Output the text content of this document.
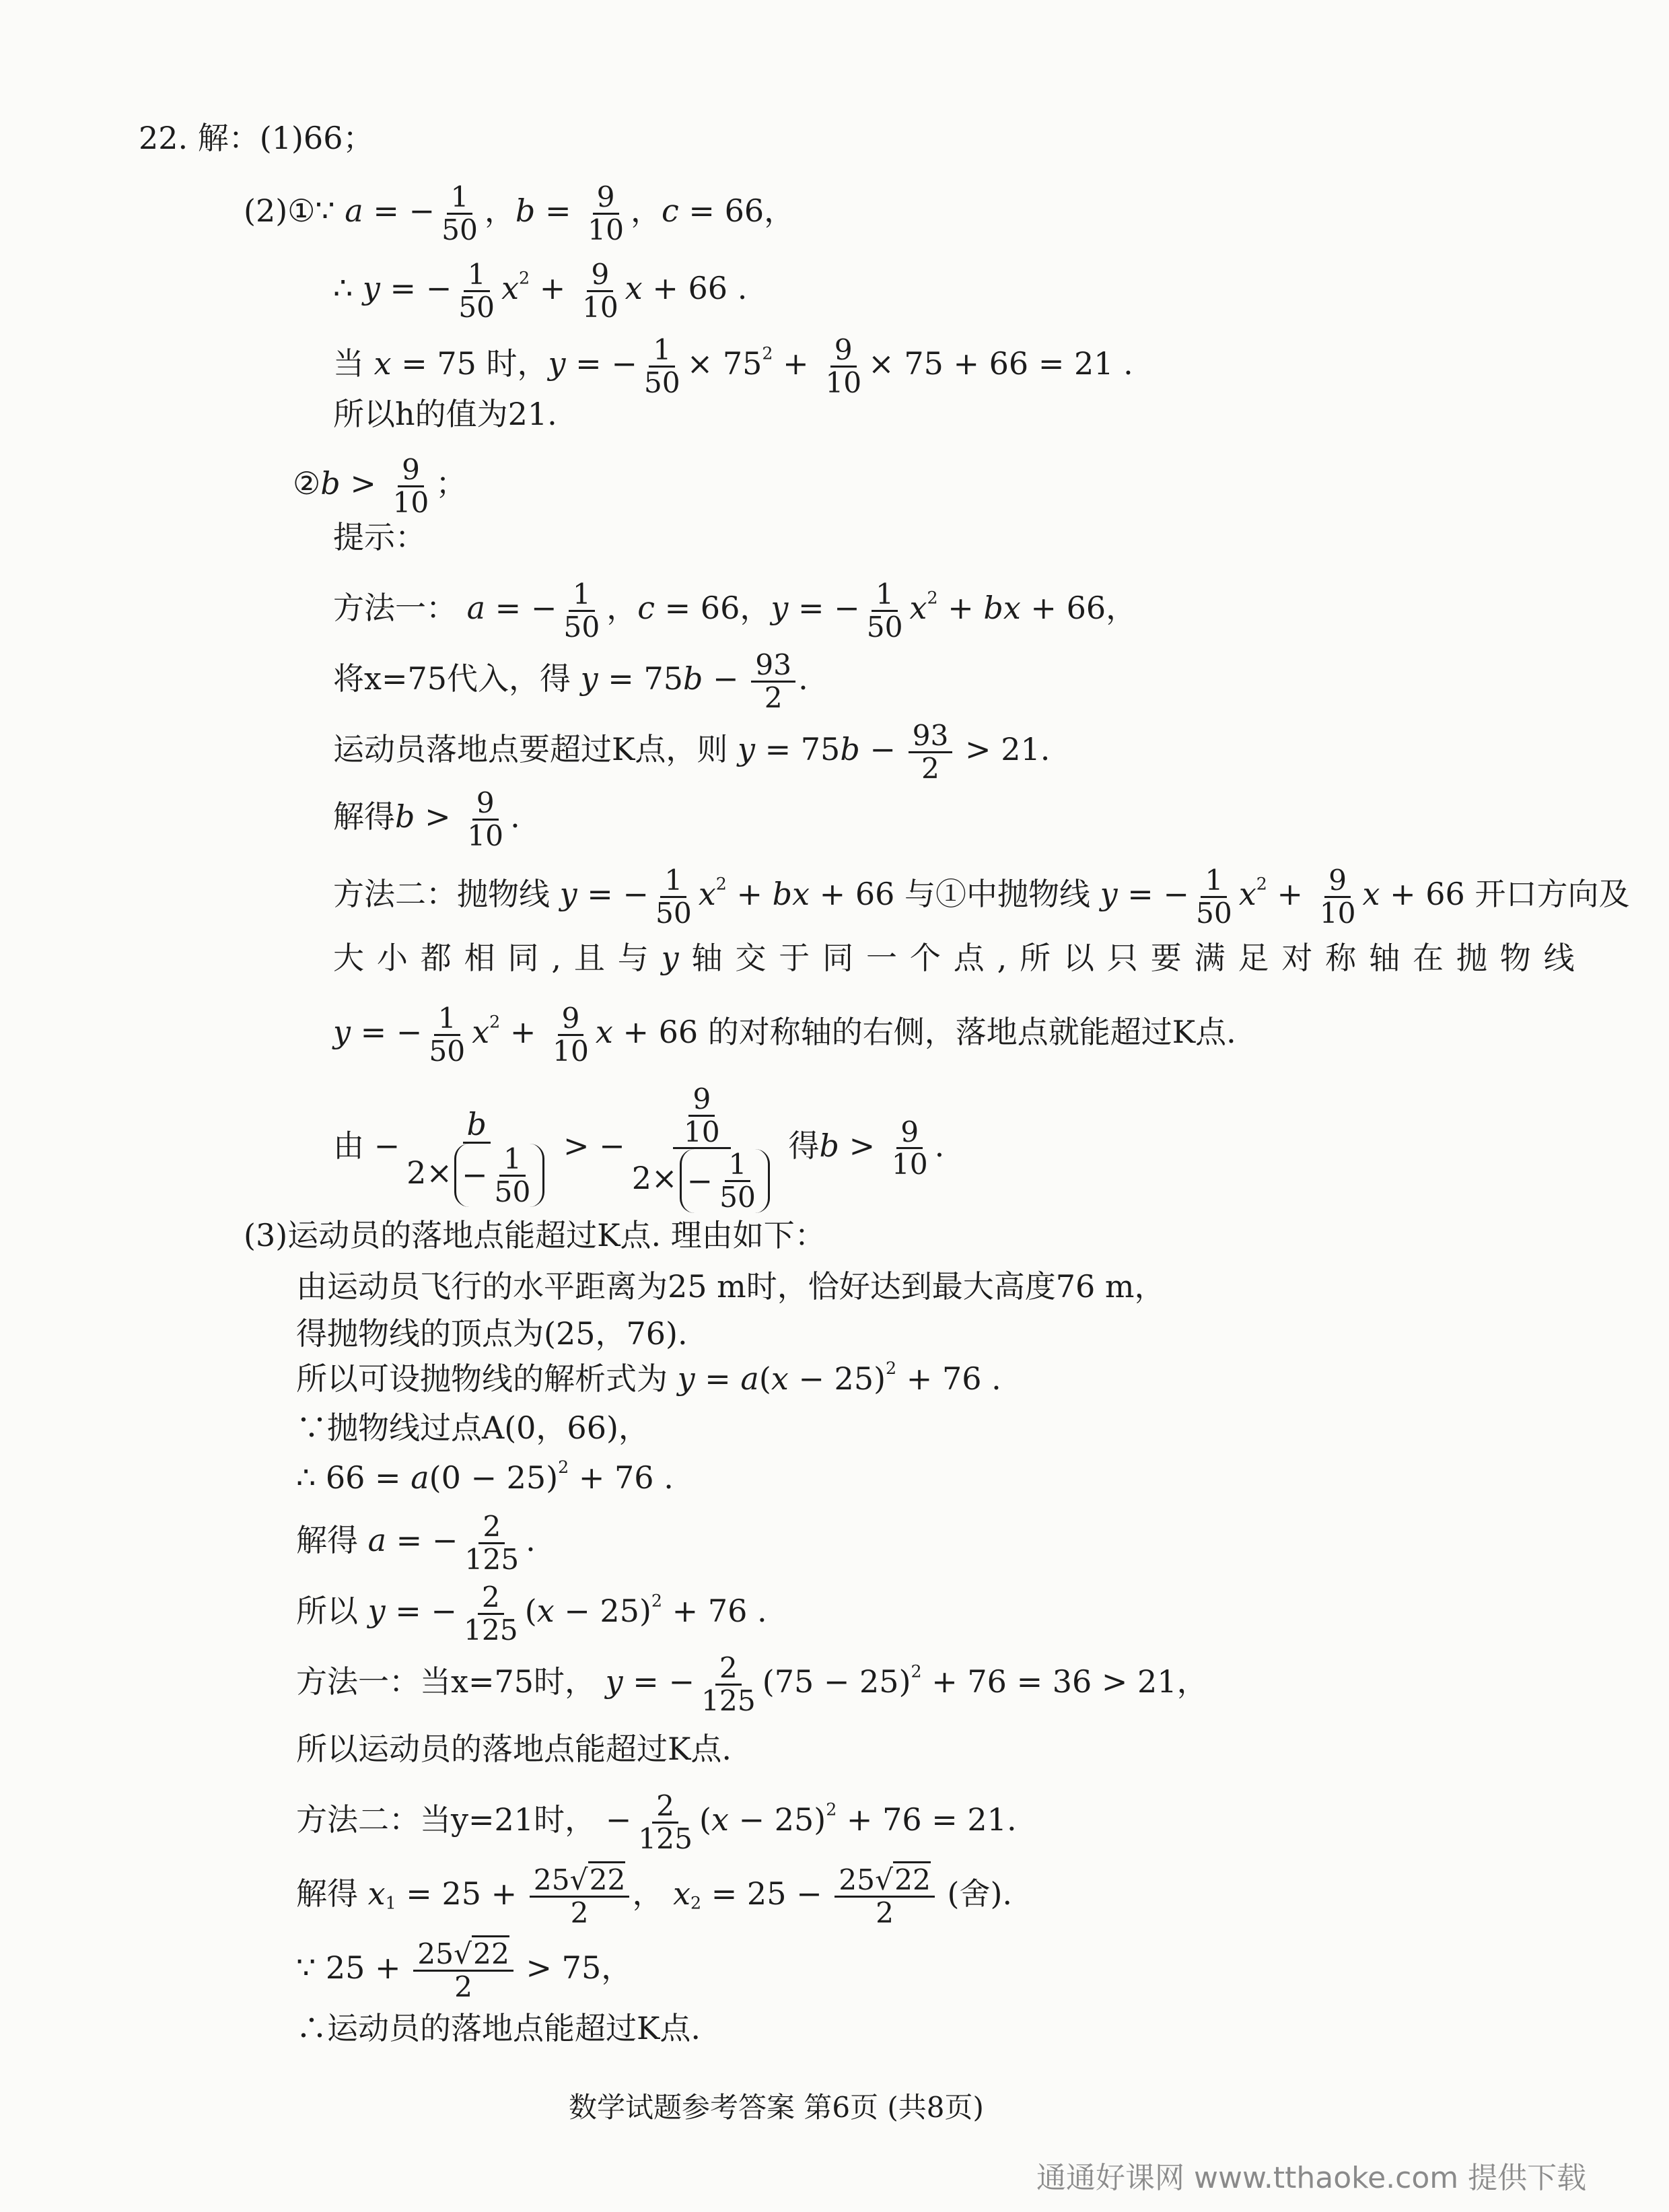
22. 解：(1)66；
(2)①∵ a = − $\frac{1}{50}$ ，$b = \frac{9}{10}$ ，c = 66，
∴ y = − $\frac{1}{50} x^2 + \frac{9}{10}$ x + 66 .
当 x = 75 时，y = − $\frac{1}{50} \times 75^2 + \frac{9}{10} \times 75 + 66 = 21$ .
所以h的值为21.
②b > $\frac{9}{10}$ ；
提示：
方法一： a = − $\frac{1}{50}$ ，c = 66，y = − $\frac{1}{50} x^2$ + bx + 66，
将x=75代入，得 $y = 75b - \frac{93}{2}$ .
运动员落地点要超过K点，则 $y = 75b - \frac{93}{2} > 21$.
解得$b > \frac{9}{10}$ .
方法二：抛物线 y = − $\frac{1}{50} x^2$ + bx + 66 与①中抛物线 y = − $\frac{1}{50} x^2 + \frac{9}{10}$ x + 66 开口方向及
大 小 都 相 同 , 且 与 y 轴 交 于 同 一 个 点 , 所 以 只 要 满 足 对 称 轴 在 抛 物 线
y = − $\frac{1}{50} x^2 + \frac{9}{10}$ x + 66 的对称轴的右侧，落地点就能超过K点.
由 − $\frac{b}{2\times - \frac{1}{50}}$ > − $\frac{\frac{9}{10}}{2\times - \frac{1}{50}}$ 得$b > \frac{9}{10}$ .
(3)运动员的落地点能超过K点. 理由如下：
由运动员飞行的水平距离为25 m时，恰好达到最大高度76 m，
得抛物线的顶点为(25，76).
所以可设抛物线的解析式为 $y = a(x - 25)^2 + 76$ .
∵抛物线过点A(0，66)，
∴ $66 = a(0 - 25)^2 + 76$ .
解得 a = − $\frac{2}{125}$ .
所以 y = − $\frac{2}{125} (x - 25)^2 + 76$ .
方法一：当x=75时， y = − $\frac{2}{125} (75 - 25)^2 + 76 = 36 > 21$，
所以运动员的落地点能超过K点.
方法二：当y=21时， − $\frac{2}{125} (x - 25)^2 + 76 = 21$.
解得 $x_1 = 25 + \frac{25√22}{2}$ ， $x_2 = 25 - \frac{25√22}{2}$ (舍).
∵ $25 + \frac{25√22}{2} > 75$，
∴运动员的落地点能超过K点.
数学试题参考答案 第6页 (共8页)
通通好课网 www.tthaoke.com 提供下载
